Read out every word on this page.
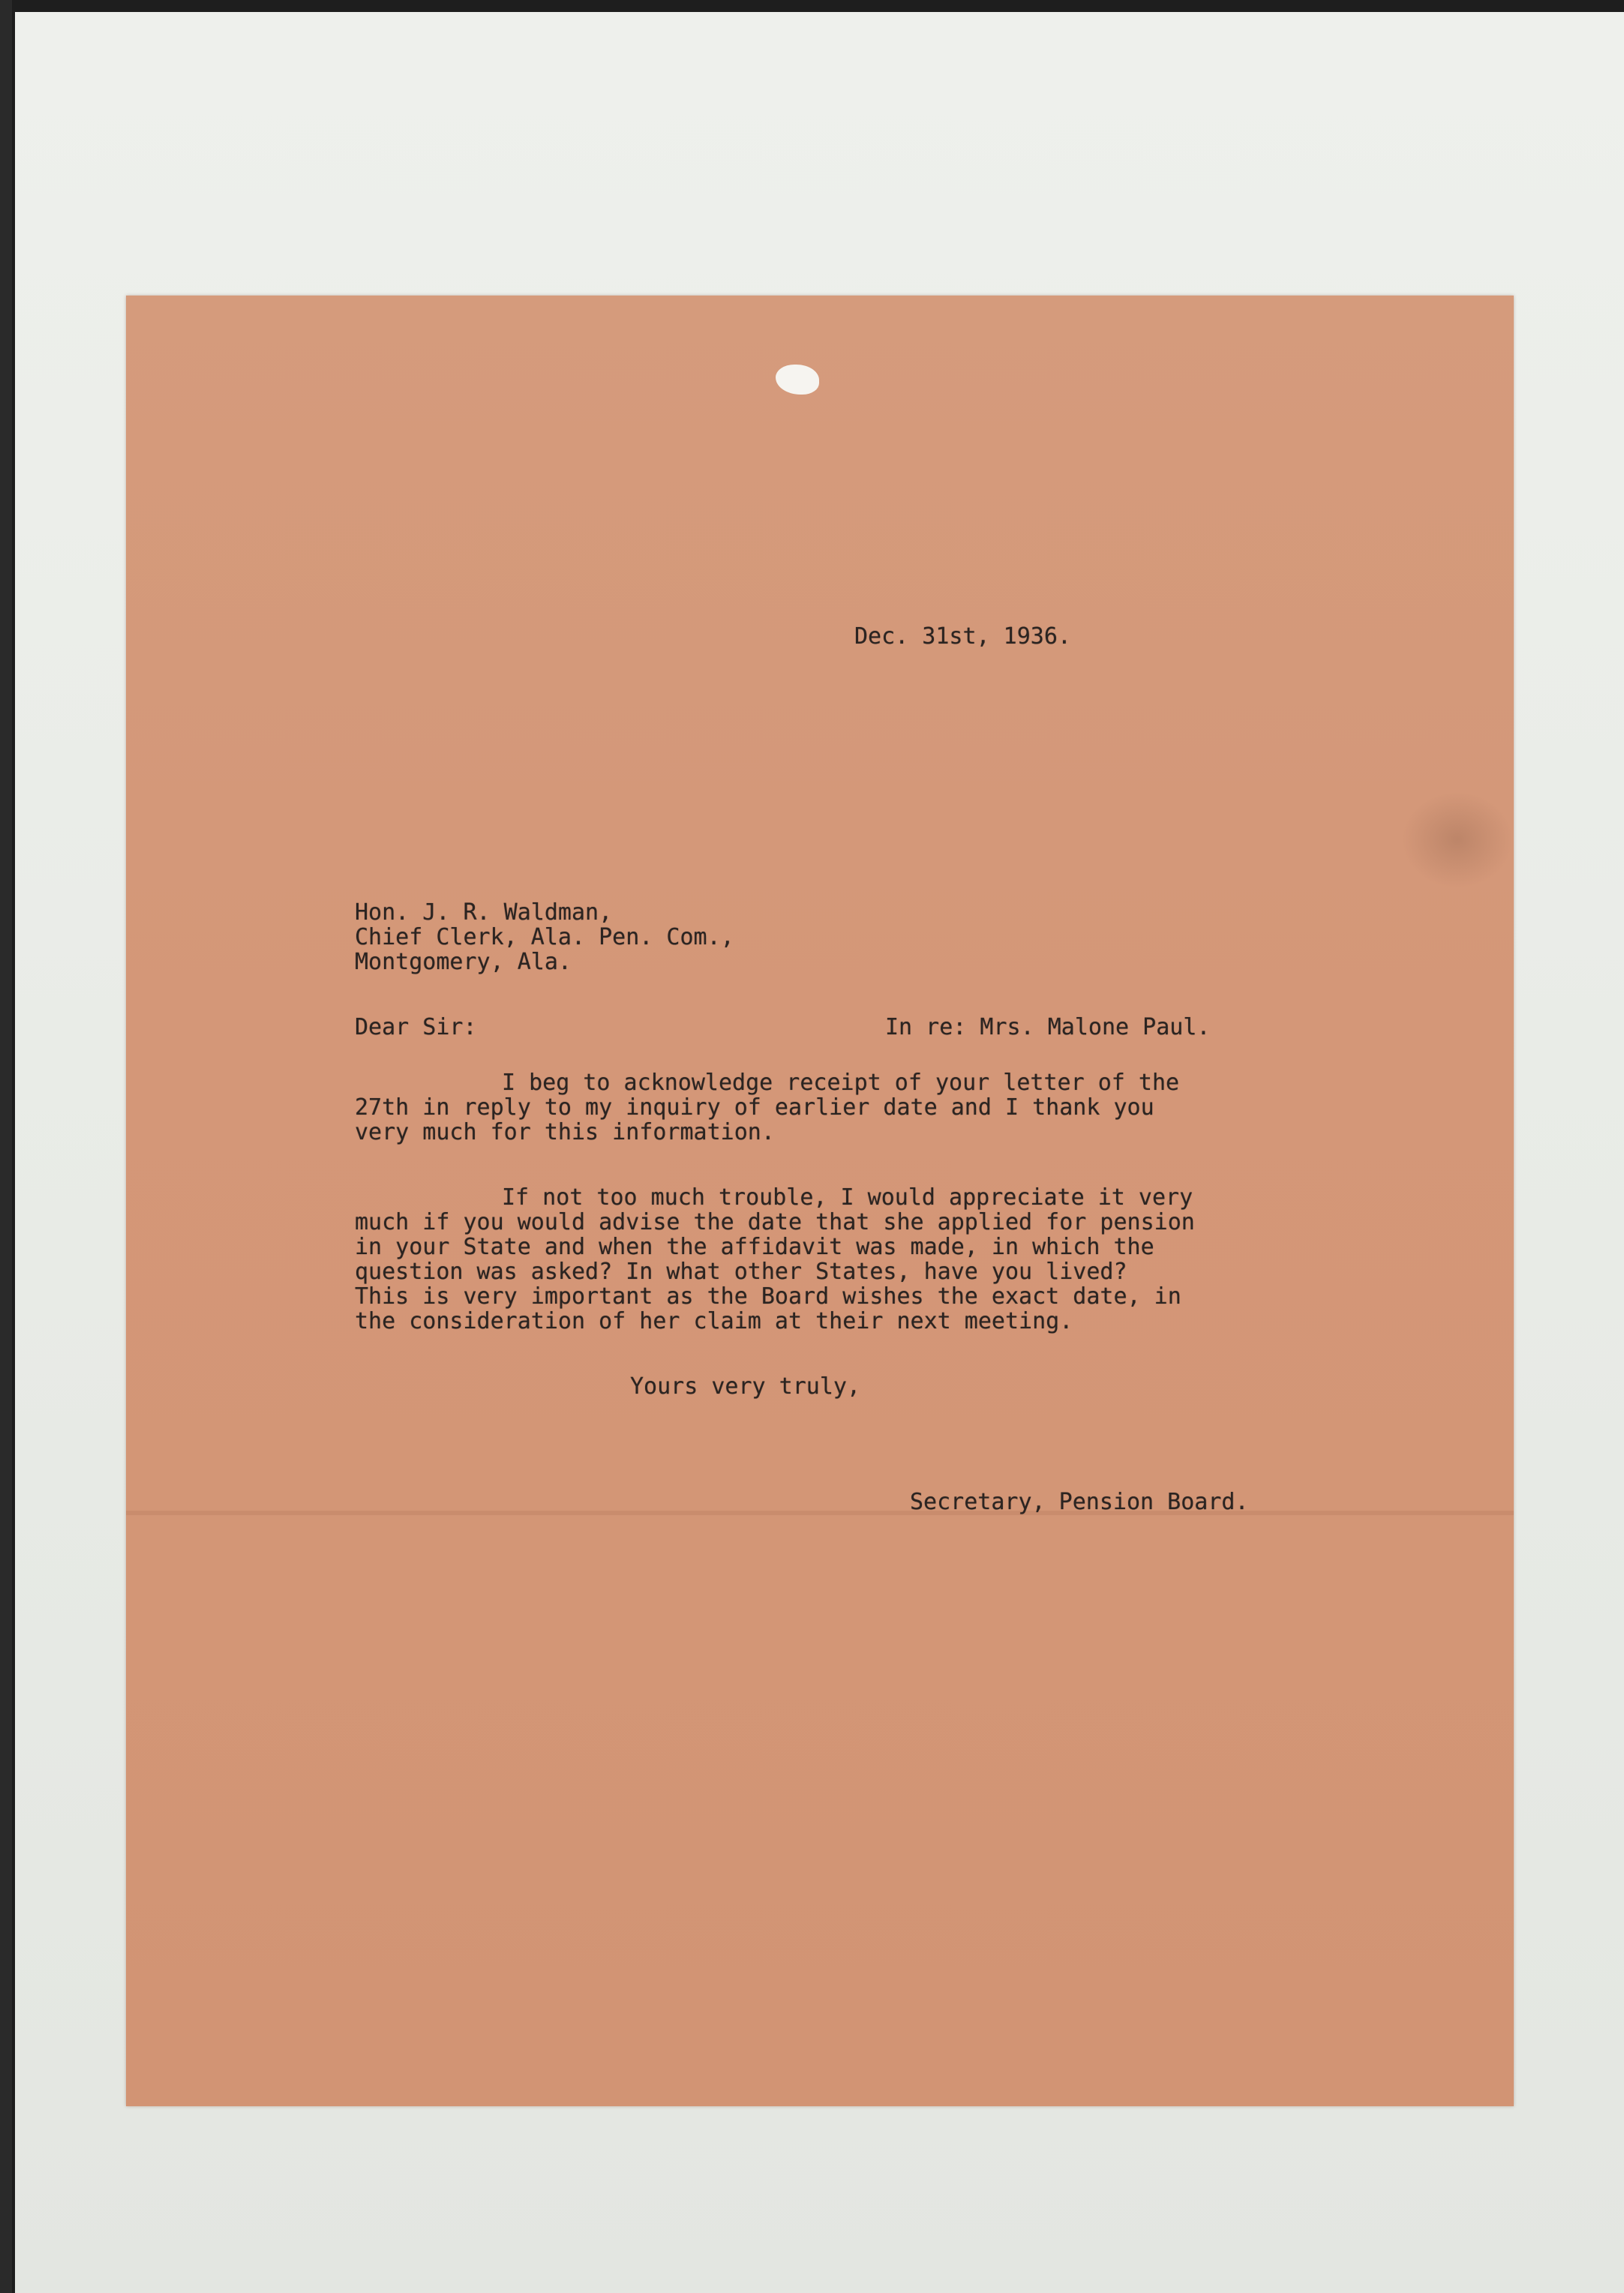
Dec. 31st, 1936.

Hon. J. R. Waldman,

Chief Clerk, Ala. Pen. Com.,

Montgomery, Ala.

Dear Sir:	In re: Mrs. Malone Paul.

I beg to acknowledge receipt of your letter of the

27th in reply to my inquiry of earlier date and I thank you

very much for this information.

If not too much trouble, I would appreciate it very

much if you would advise the date that she applied for pension

in your State and when the affidavit was made, in which the

question was asked? In what other States, have you lived?

This is very important as the Board wishes the exact date, in

the consideration of her claim at their next meeting.

Yours very truly,

Secretary, Pension Board.
